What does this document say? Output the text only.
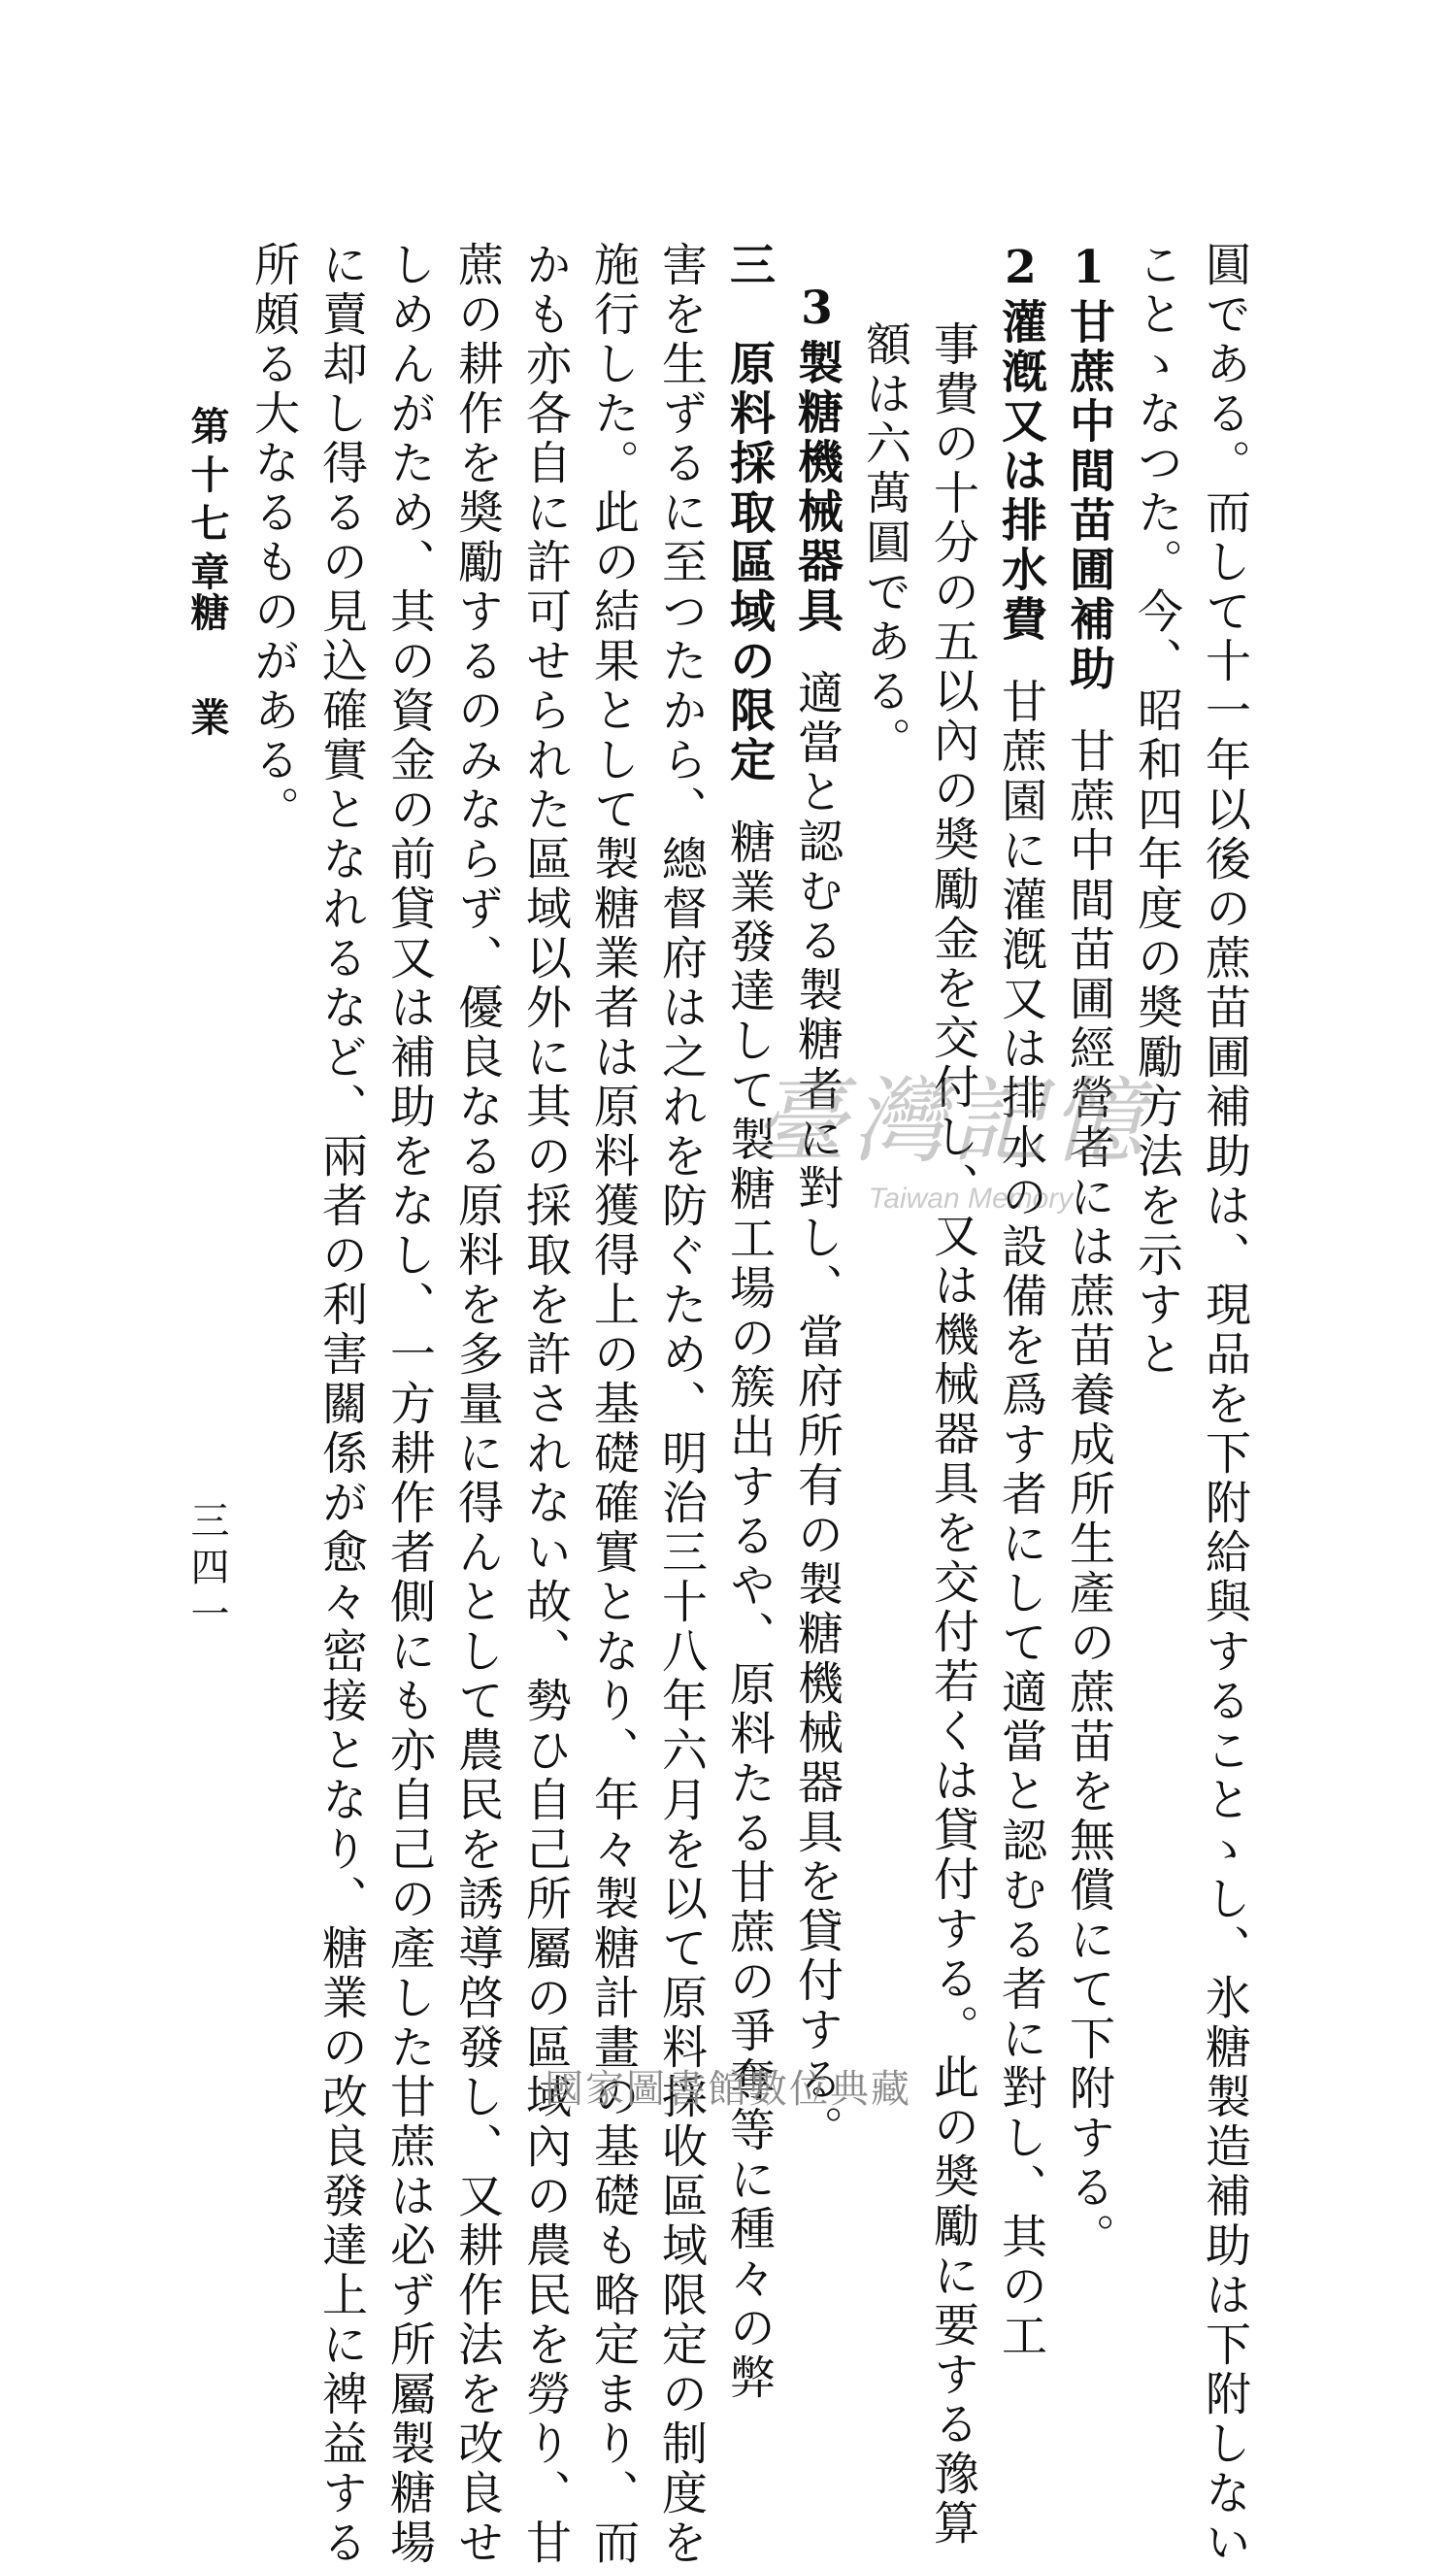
圓である。而して十一年以後の蔗苗圃補助は、現品を下附給與することゝし、氷糖製造補助は下附しない
ことゝなつた。今、昭和四年度の奬勵方法を示すと
1甘蔗中間苗圃補助甘蔗中間苗圃經營者には蔗苗養成所生產の蔗苗を無償にて下附する。
2灌漑又は排水費甘蔗園に灌漑又は排水の設備を爲す者にして適當と認むる者に對し、其の工
事費の十分の五以內の奬勵金を交付し、又は機械器具を交付若くは貸付する。此の奬勵に要する豫算
額は六萬圓である。
3製糖機械器具適當と認むる製糖者に對し、當府所有の製糖機械器具を貸付する。
三　原料採取區域の限定糖業發達して製糖工場の簇出するや、原料たる甘蔗の爭奪等に種々の弊
害を生ずるに至つたから、總督府は之れを防ぐため、明治三十八年六月を以て原料採收區域限定の制度を
施行した。此の結果として製糖業者は原料獲得上の基礎確實となり、年々製糖計畫の基礎も略定まり、而
かも亦各自に許可せられた區域以外に其の採取を許されない故、勢ひ自己所屬の區域內の農民を勞り、甘
蔗の耕作を奬勵するのみならず、優良なる原料を多量に得んとして農民を誘導啓發し、又耕作法を改良せ
しめんがため、其の資金の前貸又は補助をなし、一方耕作者側にも亦自己の產した甘蔗は必ず所屬製糖場
に賣却し得るの見込確實となれるなど、兩者の利害關係が愈々密接となり、糖業の改良發達上に裨益する
所頗る大なるものがある。
第十七章
糖　業
三四一
臺灣記憶
Taiwan Memory
國家圖書館數位典藏
